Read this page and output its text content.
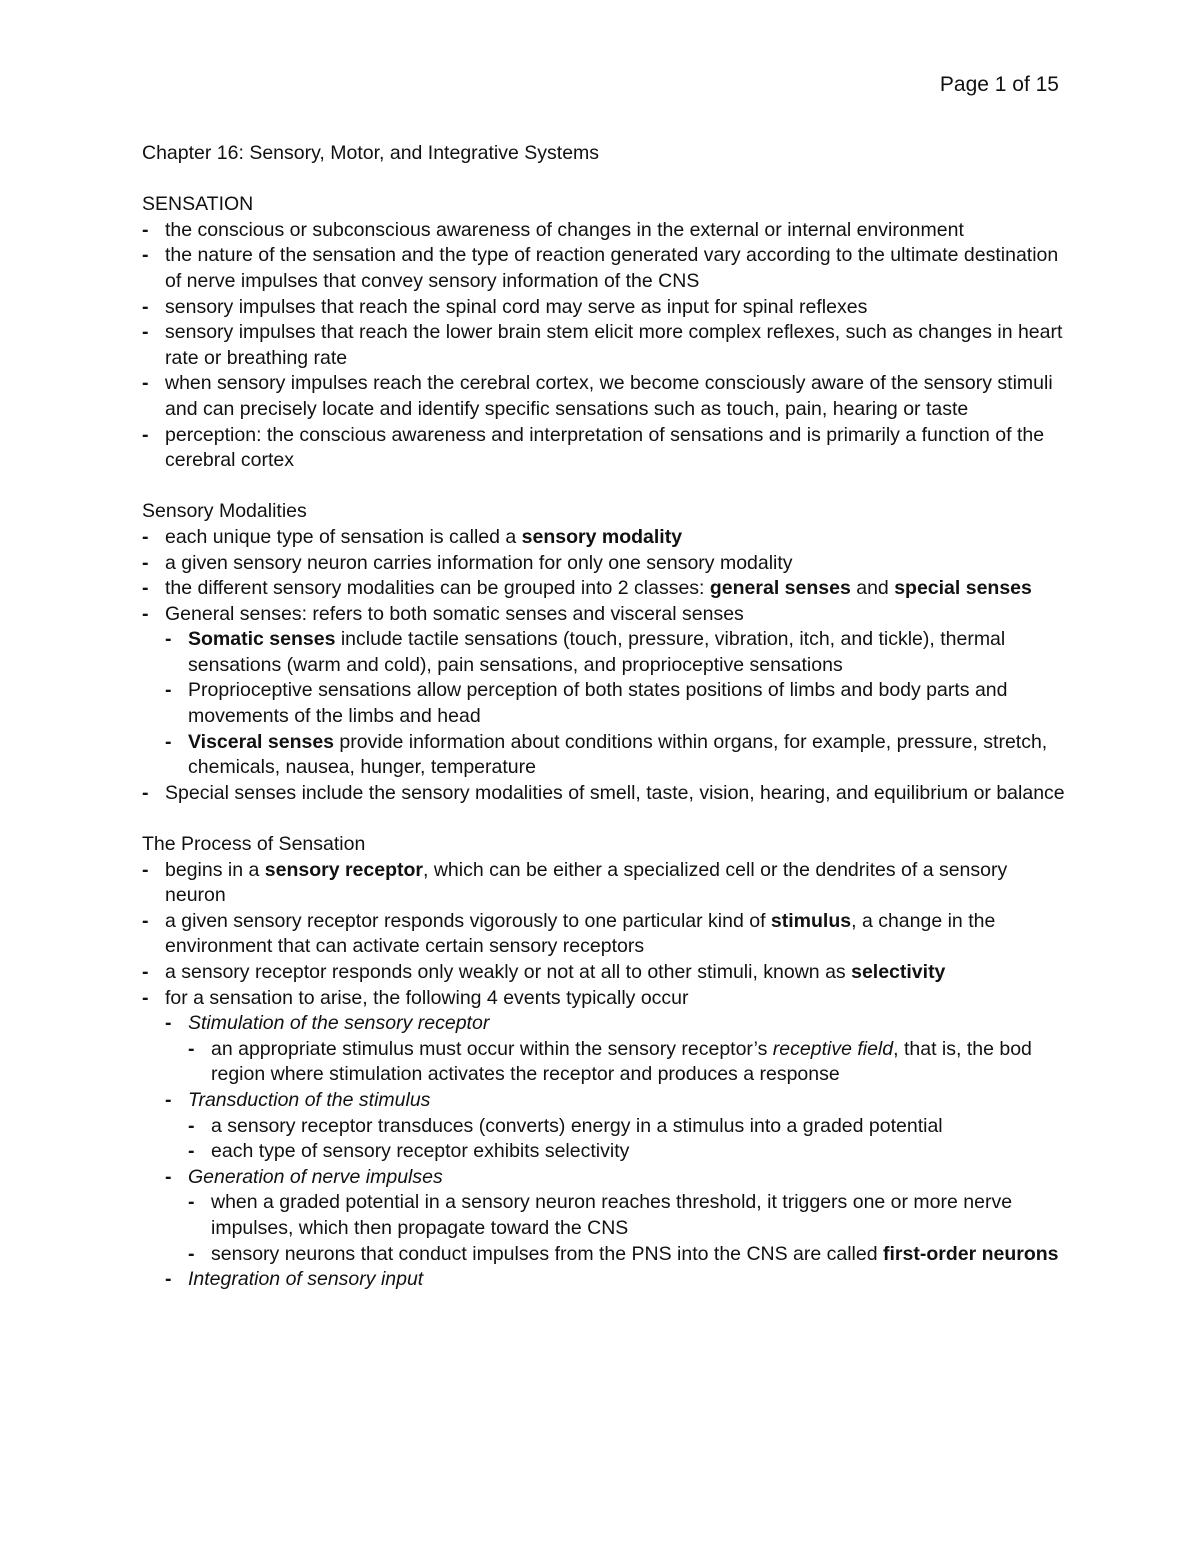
Page 1 of 15
Chapter 16: Sensory, Motor, and Integrative Systems
SENSATION
- the conscious or subconscious awareness of changes in the external or internal environment
- the nature of the sensation and the type of reaction generated vary according to the ultimate destination of nerve impulses that convey sensory information of the CNS
- sensory impulses that reach the spinal cord may serve as input for spinal reflexes
- sensory impulses that reach the lower brain stem elicit more complex reflexes, such as changes in heart rate or breathing rate
- when sensory impulses reach the cerebral cortex, we become consciously aware of the sensory stimuli and can precisely locate and identify specific sensations such as touch, pain, hearing or taste
- perception: the conscious awareness and interpretation of sensations and is primarily a function of the cerebral cortex
Sensory Modalities
- each unique type of sensation is called a sensory modality
- a given sensory neuron carries information for only one sensory modality
- the different sensory modalities can be grouped into 2 classes: general senses and special senses
- General senses: refers to both somatic senses and visceral senses
- Somatic senses include tactile sensations (touch, pressure, vibration, itch, and tickle), thermal sensations (warm and cold), pain sensations, and proprioceptive sensations
- Proprioceptive sensations allow perception of both states positions of limbs and body parts and movements of the limbs and head
- Visceral senses provide information about conditions within organs, for example, pressure, stretch, chemicals, nausea, hunger, temperature
- Special senses include the sensory modalities of smell, taste, vision, hearing, and equilibrium or balance
The Process of Sensation
- begins in a sensory receptor, which can be either a specialized cell or the dendrites of a sensory neuron
- a given sensory receptor responds vigorously to one particular kind of stimulus, a change in the environment that can activate certain sensory receptors
- a sensory receptor responds only weakly or not at all to other stimuli, known as selectivity
- for a sensation to arise, the following 4 events typically occur
- Stimulation of the sensory receptor
- an appropriate stimulus must occur within the sensory receptor’s receptive field, that is, the bod region where stimulation activates the receptor and produces a response
- Transduction of the stimulus
- a sensory receptor transduces (converts) energy in a stimulus into a graded potential
- each type of sensory receptor exhibits selectivity
- Generation of nerve impulses
- when a graded potential in a sensory neuron reaches threshold, it triggers one or more nerve impulses, which then propagate toward the CNS
- sensory neurons that conduct impulses from the PNS into the CNS are called first-order neurons
- Integration of sensory input
